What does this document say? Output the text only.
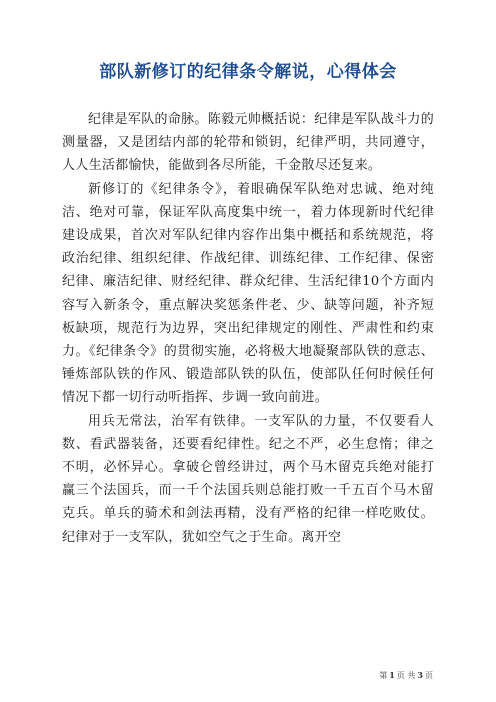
部队新修订的纪律条令解说，心得体会

纪律是军队的命脉。陈毅元帅概括说：纪律是军队战斗力的测量器，又是团结内部的轮带和锁钥，纪律严明，共同遵守，人人生活都愉快，能做到各尽所能，千金散尽还复来。

新修订的《纪律条令》，着眼确保军队绝对忠诚、绝对纯洁、绝对可靠，保证军队高度集中统一，着力体现新时代纪律建设成果，首次对军队纪律内容作出集中概括和系统规范，将政治纪律、组织纪律、作战纪律、训练纪律、工作纪律、保密纪律、廉洁纪律、财经纪律、群众纪律、生活纪律10个方面内容写入新条令，重点解决奖惩条件老、少、缺等问题，补齐短板缺项，规范行为边界，突出纪律规定的刚性、严肃性和约束力。《纪律条令》的贯彻实施，必将极大地凝聚部队铁的意志、锤炼部队铁的作风、锻造部队铁的队伍，使部队任何时候任何情况下都一切行动听指挥、步调一致向前进。

用兵无常法，治军有铁律。一支军队的力量，不仅要看人数、看武器装备，还要看纪律性。纪之不严，必生怠惰；律之不明，必怀异心。拿破仑曾经讲过，两个马木留克兵绝对能打赢三个法国兵，而一千个法国兵则总能打败一千五百个马木留克兵。单兵的骑术和剑法再精，没有严格的纪律一样吃败仗。纪律对于一支军队，犹如空气之于生命。离开空

第 1 页 共 3 页
